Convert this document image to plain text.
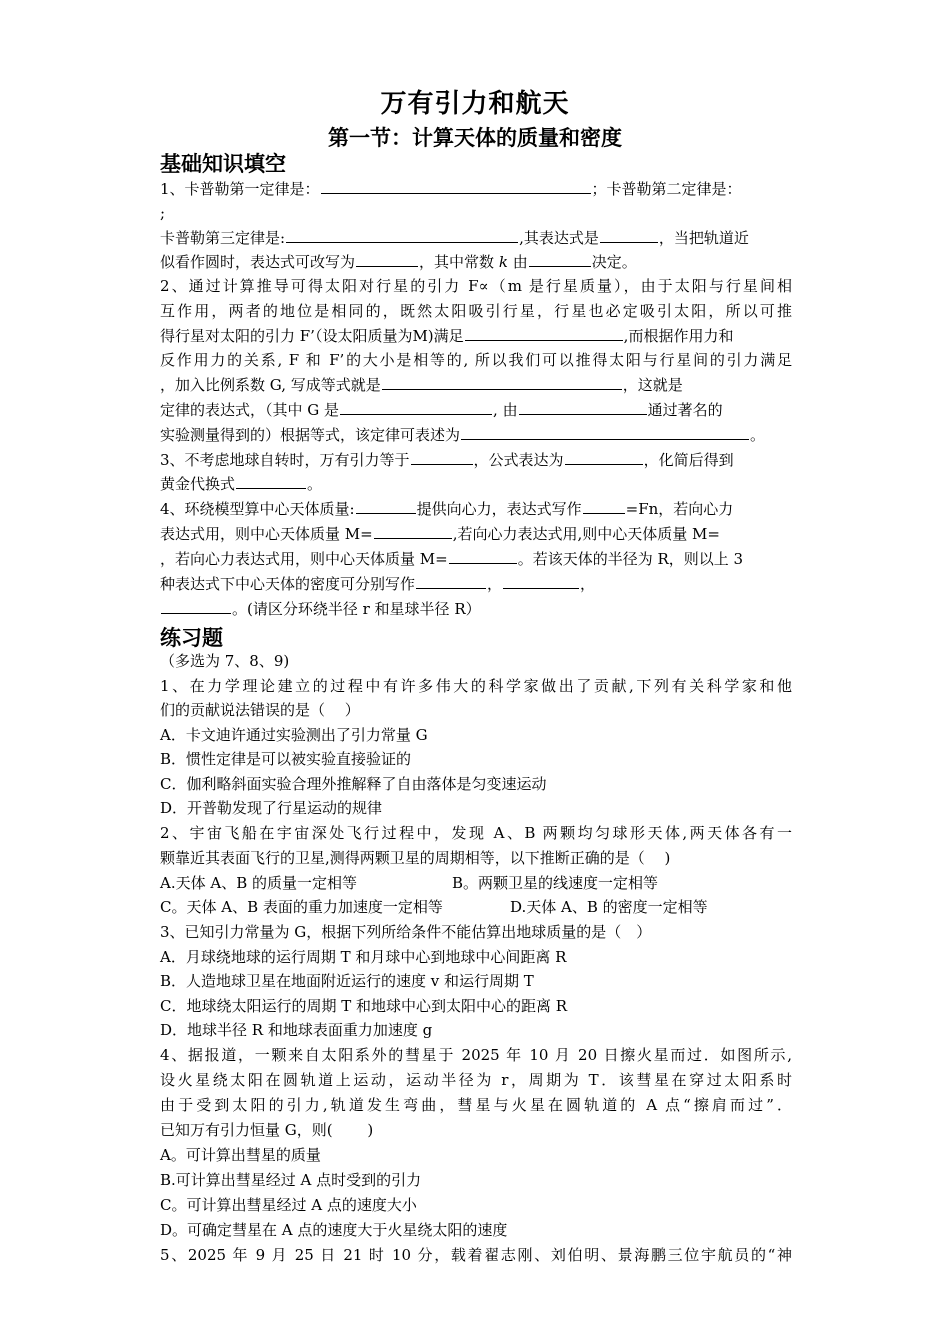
万有引力和航天
第一节：计算天体的质量和密度
基础知识填空
1、卡普勒第一定律是：	；卡普勒第二定律是：
;
卡普勒第三定律是:	,其表达式是	，当把轨道近
似看作圆时，表达式可改写为	，其中常数 k 由	决定。
2、通过计算推导可得太阳对行星的引力 F∝（m 是行星质量），由于太阳与行星间相
互作用，两者的地位是相同的，既然太阳吸引行星，行星也必定吸引太阳，所以可推
得行星对太阳的引力 F’（设太阳质量为M)满足	,而根据作用力和
反作用力的关系, F 和 F’的大小是相等的, 所以我们可以推得太阳与行星间的引力满足
，加入比例系数 G, 写成等式就是	，这就是
定律的表达式，（其中 G 是	, 由	通过著名的
实验测量得到的）根据等式，该定律可表述为	。
3、不考虑地球自转时，万有引力等于	，公式表达为	，化简后得到
黄金代换式	。
4、环绕模型算中心天体质量:	提供向心力，表达式写作	=Fn，若向心力
表达式用，则中心天体质量 M=	,若向心力表达式用,则中心天体质量 M=
，若向心力表达式用，则中心天体质量 M=	。若该天体的半径为 R，则以上 3
种表达式下中心天体的密度可分别写作	，	，
。(请区分环绕半径 r 和星球半径 R）
练习题
（多选为 7、8、9)
1、在力学理论建立的过程中有许多伟大的科学家做出了贡献,下列有关科学家和他
们的贡献说法错误的是（　 ）
A．卡文迪许通过实验测出了引力常量 G
B．惯性定律是可以被实验直接验证的
C．伽利略斜面实验合理外推解释了自由落体是匀变速运动
D．开普勒发现了行星运动的规律
2、宇宙飞船在宇宙深处飞行过程中，发现 A、B 两颗均匀球形天体,两天体各有一
颗靠近其表面飞行的卫星,测得两颗卫星的周期相等，以下推断正确的是（　 )
A.天体 A、B 的质量一定相等	B。两颗卫星的线速度一定相等
C。天体 A、B 表面的重力加速度一定相等	D.天体 A、B 的密度一定相等
3、已知引力常量为 G，根据下列所给条件不能估算出地球质量的是（　）
A．月球绕地球的运行周期 T 和月球中心到地球中心间距离 R
B．人造地球卫星在地面附近运行的速度 v 和运行周期 T
C．地球绕太阳运行的周期 T 和地球中心到太阳中心的距离 R
D．地球半径 R 和地球表面重力加速度 g
4、据报道，一颗来自太阳系外的彗星于 2025 年 10 月 20 日擦火星而过．如图所示,
设火星绕太阳在圆轨道上运动，运动半径为 r，周期为 T．该彗星在穿过太阳系时
由于受到太阳的引力,轨道发生弯曲，彗星与火星在圆轨道的 A 点“擦肩而过”．
已知万有引力恒量 G，则(　　 )
A。可计算出彗星的质量
B.可计算出彗星经过 A 点时受到的引力
C。可计算出彗星经过 A 点的速度大小
D。可确定彗星在 A 点的速度大于火星绕太阳的速度
5、2025 年 9 月 25 日 21 时 10 分，载着翟志刚、刘伯明、景海鹏三位宇航员的“神
